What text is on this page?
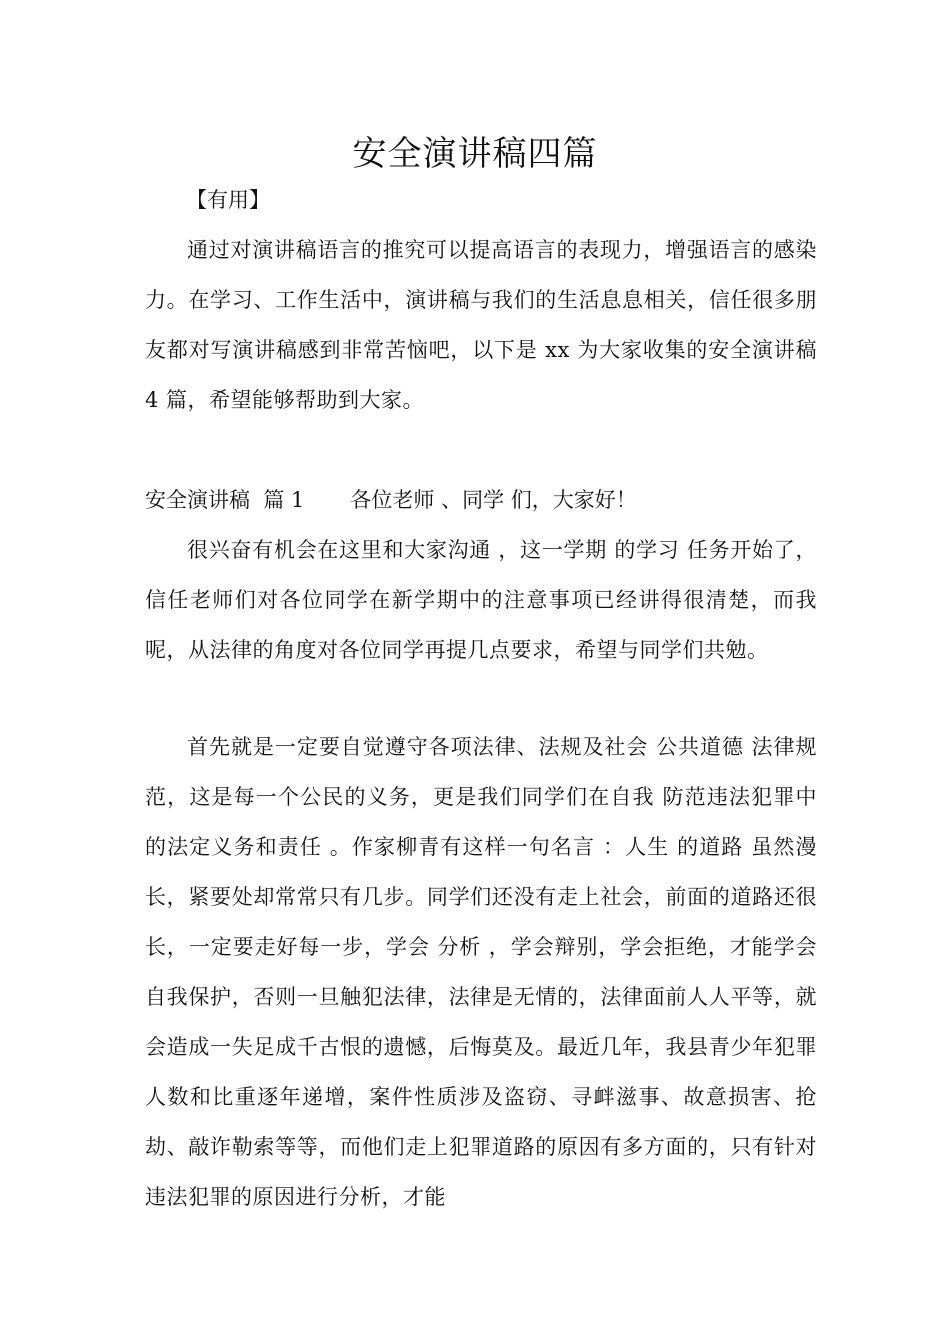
安全演讲稿四篇
【有用】

通过对演讲稿语言的推究可以提高语言的表现力，增强语言的感染力。在学习、工作生活中，演讲稿与我们的生活息息相关，信任很多朋友都对写演讲稿感到非常苦恼吧，以下是 xx 为大家收集的安全演讲稿 4 篇，希望能够帮助到大家。

安全演讲稿  篇 1 各位老师 、同学 们，大家好！

很兴奋有机会在这里和大家沟通 ，这一学期 的学习 任务开始了，信任老师们对各位同学在新学期中的注意事项已经讲得很清楚，而我呢，从法律的角度对各位同学再提几点要求，希望与同学们共勉。

首先就是一定要自觉遵守各项法律、法规及社会 公共道德 法律规范，这是每一个公民的义务，更是我们同学们在自我 防范违法犯罪中的法定义务和责任 。作家柳青有这样一句名言 ：人生 的道路 虽然漫长，紧要处却常常只有几步。同学们还没有走上社会，前面的道路还很长，一定要走好每一步，学会 分析 ，学会辩别，学会拒绝，才能学会自我保护，否则一旦触犯法律，法律是无情的，法律面前人人平等，就会造成一失足成千古恨的遗憾，后悔莫及。最近几年，我县青少年犯罪人数和比重逐年递增，案件性质涉及盗窃、寻衅滋事、故意损害、抢劫、敲诈勒索等等，而他们走上犯罪道路的原因有多方面的，只有针对违法犯罪的原因进行分析，才能
